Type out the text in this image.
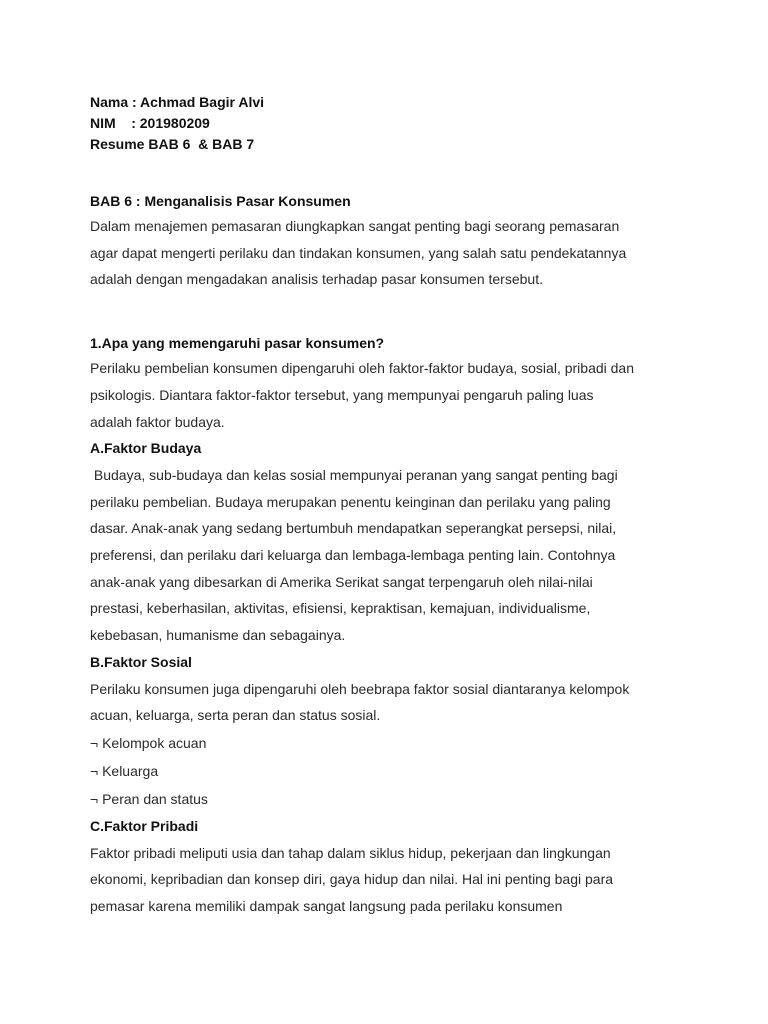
Nama : Achmad Bagir Alvi
NIM    : 201980209
Resume BAB 6  & BAB 7
BAB 6 : Menganalisis Pasar Konsumen
Dalam menajemen pemasaran diungkapkan sangat penting bagi seorang pemasaran
agar dapat mengerti perilaku dan tindakan konsumen, yang salah satu pendekatannya
adalah dengan mengadakan analisis terhadap pasar konsumen tersebut.
1.Apa yang memengaruhi pasar konsumen?
Perilaku pembelian konsumen dipengaruhi oleh faktor-faktor budaya, sosial, pribadi dan
psikologis. Diantara faktor-faktor tersebut, yang mempunyai pengaruh paling luas
adalah faktor budaya.
A.Faktor Budaya
Budaya, sub-budaya dan kelas sosial mempunyai peranan yang sangat penting bagi
perilaku pembelian. Budaya merupakan penentu keinginan dan perilaku yang paling
dasar. Anak-anak yang sedang bertumbuh mendapatkan seperangkat persepsi, nilai,
preferensi, dan perilaku dari keluarga dan lembaga-lembaga penting lain. Contohnya
anak-anak yang dibesarkan di Amerika Serikat sangat terpengaruh oleh nilai-nilai
prestasi, keberhasilan, aktivitas, efisiensi, kepraktisan, kemajuan, individualisme,
kebebasan, humanisme dan sebagainya.
B.Faktor Sosial
Perilaku konsumen juga dipengaruhi oleh beebrapa faktor sosial diantaranya kelompok
acuan, keluarga, serta peran dan status sosial.
¬ Kelompok acuan
¬ Keluarga
¬ Peran dan status
C.Faktor Pribadi
Faktor pribadi meliputi usia dan tahap dalam siklus hidup, pekerjaan dan lingkungan
ekonomi, kepribadian dan konsep diri, gaya hidup dan nilai. Hal ini penting bagi para
pemasar karena memiliki dampak sangat langsung pada perilaku konsumen
